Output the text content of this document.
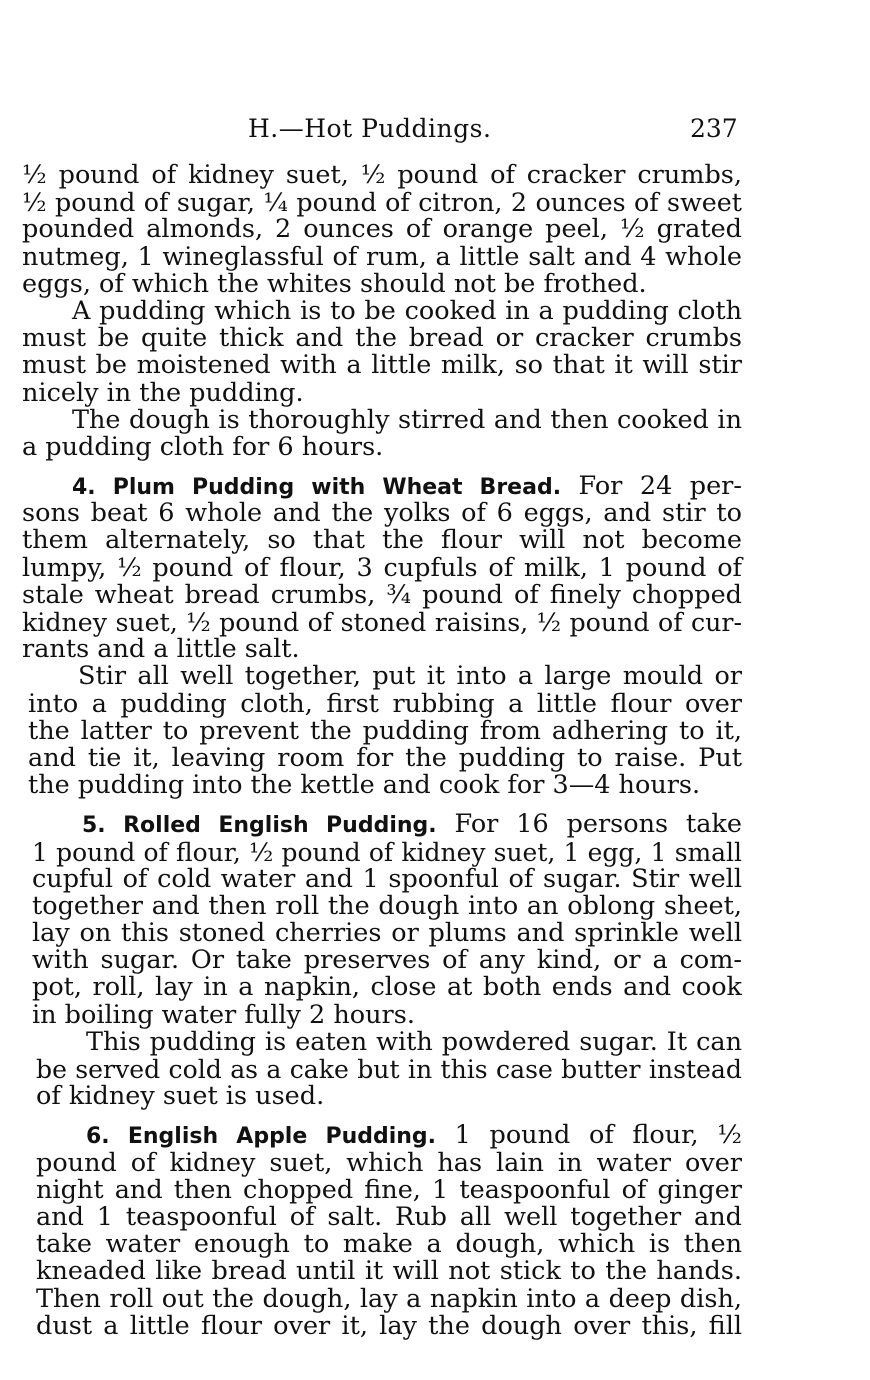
H.—Hot Puddings.	237
½ pound of kidney suet, ½ pound of cracker crumbs,
½ pound of sugar, ¼ pound of citron, 2 ounces of sweet
pounded almonds, 2 ounces of orange peel, ½ grated
nutmeg, 1 wineglassful of rum, a little salt and 4 whole
eggs, of which the whites should not be frothed.
A pudding which is to be cooked in a pudding cloth
must be quite thick and the bread or cracker crumbs
must be moistened with a little milk, so that it will stir
nicely in the pudding.
The dough is thoroughly stirred and then cooked in
a pudding cloth for 6 hours.
4. Plum Pudding with Wheat Bread. For 24 per-
sons beat 6 whole and the yolks of 6 eggs, and stir to
them alternately, so that the flour will not become
lumpy, ½ pound of flour, 3 cupfuls of milk, 1 pound of
stale wheat bread crumbs, ¾ pound of finely chopped
kidney suet, ½ pound of stoned raisins, ½ pound of cur-
rants and a little salt.
Stir all well together, put it into a large mould or
into a pudding cloth, first rubbing a little flour over
the latter to prevent the pudding from adhering to it,
and tie it, leaving room for the pudding to raise. Put
the pudding into the kettle and cook for 3—4 hours.
5. Rolled English Pudding. For 16 persons take
1 pound of flour, ½ pound of kidney suet, 1 egg, 1 small
cupful of cold water and 1 spoonful of sugar. Stir well
together and then roll the dough into an oblong sheet,
lay on this stoned cherries or plums and sprinkle well
with sugar. Or take preserves of any kind, or a com-
pot, roll, lay in a napkin, close at both ends and cook
in boiling water fully 2 hours.
This pudding is eaten with powdered sugar. It can
be served cold as a cake but in this case butter instead
of kidney suet is used.
6. English Apple Pudding. 1 pound of flour, ½
pound of kidney suet, which has lain in water over
night and then chopped fine, 1 teaspoonful of ginger
and 1 teaspoonful of salt. Rub all well together and
take water enough to make a dough, which is then
kneaded like bread until it will not stick to the hands.
Then roll out the dough, lay a napkin into a deep dish,
dust a little flour over it, lay the dough over this, fill
